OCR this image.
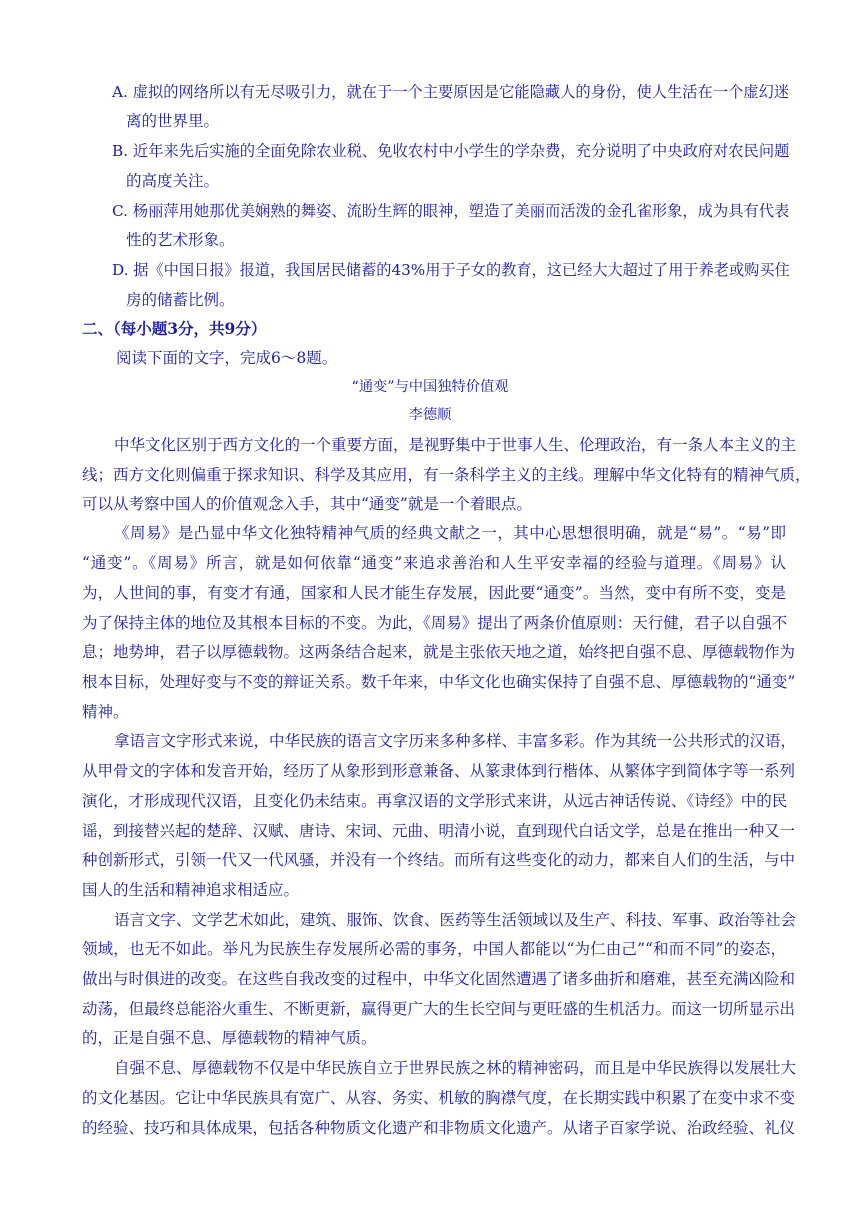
A. 虚拟的网络所以有无尽吸引力，就在于一个主要原因是它能隐藏人的身份，使人生活在一个虚幻迷
离的世界里。
B. 近年来先后实施的全面免除农业税、免收农村中小学生的学杂费，充分说明了中央政府对农民问题
的高度关注。
C. 杨丽萍用她那优美娴熟的舞姿、流盼生辉的眼神，塑造了美丽而活泼的金孔雀形象，成为具有代表
性的艺术形象。
D. 据《中国日报》报道，我国居民储蓄的43%用于子女的教育，这已经大大超过了用于养老或购买住
房的储蓄比例。
二、（每小题3分，共9分）
阅读下面的文字，完成6～8题。
“通变”与中国独特价值观
李德顺
中华文化区别于西方文化的一个重要方面，是视野集中于世事人生、伦理政治，有一条人本主义的主
线；西方文化则偏重于探求知识、科学及其应用，有一条科学主义的主线。理解中华文化特有的精神气质，
可以从考察中国人的价值观念入手，其中“通变”就是一个着眼点。
《周易》是凸显中华文化独特精神气质的经典文献之一，其中心思想很明确，就是“易”。“易”即
“通变”。《周易》所言，就是如何依靠“通变”来追求善治和人生平安幸福的经验与道理。《周易》认
为，人世间的事，有变才有通，国家和人民才能生存发展，因此要“通变”。当然，变中有所不变，变是
为了保持主体的地位及其根本目标的不变。为此，《周易》提出了两条价值原则：天行健，君子以自强不
息；地势坤，君子以厚德载物。这两条结合起来，就是主张依天地之道，始终把自强不息、厚德载物作为
根本目标，处理好变与不变的辩证关系。数千年来，中华文化也确实保持了自强不息、厚德载物的“通变”
精神。
拿语言文字形式来说，中华民族的语言文字历来多种多样、丰富多彩。作为其统一公共形式的汉语，
从甲骨文的字体和发音开始，经历了从象形到形意兼备、从篆隶体到行楷体、从繁体字到简体字等一系列
演化，才形成现代汉语，且变化仍未结束。再拿汉语的文学形式来讲，从远古神话传说、《诗经》中的民
谣，到接替兴起的楚辞、汉赋、唐诗、宋词、元曲、明清小说，直到现代白话文学，总是在推出一种又一
种创新形式，引领一代又一代风骚，并没有一个终结。而所有这些变化的动力，都来自人们的生活，与中
国人的生活和精神追求相适应。
语言文字、文学艺术如此，建筑、服饰、饮食、医药等生活领域以及生产、科技、军事、政治等社会
领域，也无不如此。举凡为民族生存发展所必需的事务，中国人都能以“为仁由己”“和而不同”的姿态，
做出与时俱进的改变。在这些自我改变的过程中，中华文化固然遭遇了诸多曲折和磨难，甚至充满凶险和
动荡，但最终总能浴火重生、不断更新，赢得更广大的生长空间与更旺盛的生机活力。而这一切所显示出
的，正是自强不息、厚德载物的精神气质。
自强不息、厚德载物不仅是中华民族自立于世界民族之林的精神密码，而且是中华民族得以发展壮大
的文化基因。它让中华民族具有宽广、从容、务实、机敏的胸襟气度，在长期实践中积累了在变中求不变
的经验、技巧和具体成果，包括各种物质文化遗产和非物质文化遗产。从诸子百家学说、治政经验、礼仪
